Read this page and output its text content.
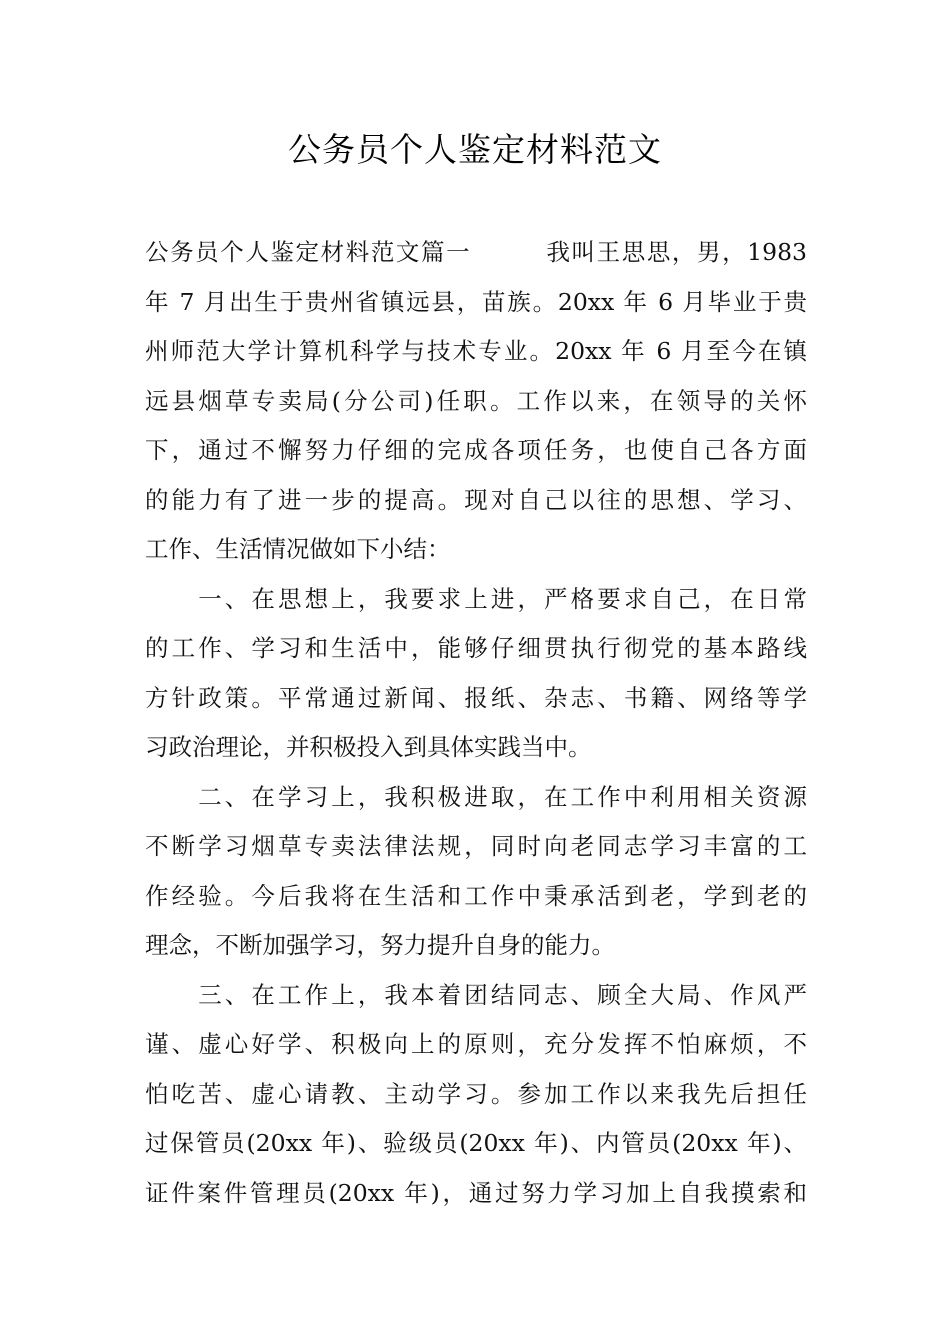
公务员个人鉴定材料范文
公务员个人鉴定材料范文篇一　　　我叫王思思，男，1983
年 7 月出生于贵州省镇远县，苗族。20xx 年 6 月毕业于贵
州师范大学计算机科学与技术专业。20xx 年 6 月至今在镇
远县烟草专卖局(分公司)任职。工作以来，在领导的关怀
下，通过不懈努力仔细的完成各项任务，也使自己各方面
的能力有了进一步的提高。现对自己以往的思想、学习、
工作、生活情况做如下小结：
　　一、在思想上，我要求上进，严格要求自己，在日常
的工作、学习和生活中，能够仔细贯执行彻党的基本路线
方针政策。平常通过新闻、报纸、杂志、书籍、网络等学
习政治理论，并积极投入到具体实践当中。
　　二、在学习上，我积极进取，在工作中利用相关资源
不断学习烟草专卖法律法规，同时向老同志学习丰富的工
作经验。今后我将在生活和工作中秉承活到老，学到老的
理念，不断加强学习，努力提升自身的能力。
　　三、在工作上，我本着团结同志、顾全大局、作风严
谨、虚心好学、积极向上的原则，充分发挥不怕麻烦，不
怕吃苦、虚心请教、主动学习。参加工作以来我先后担任
过保管员(20xx 年)、验级员(20xx 年)、内管员(20xx 年)、
证件案件管理员(20xx 年)，通过努力学习加上自我摸索和
